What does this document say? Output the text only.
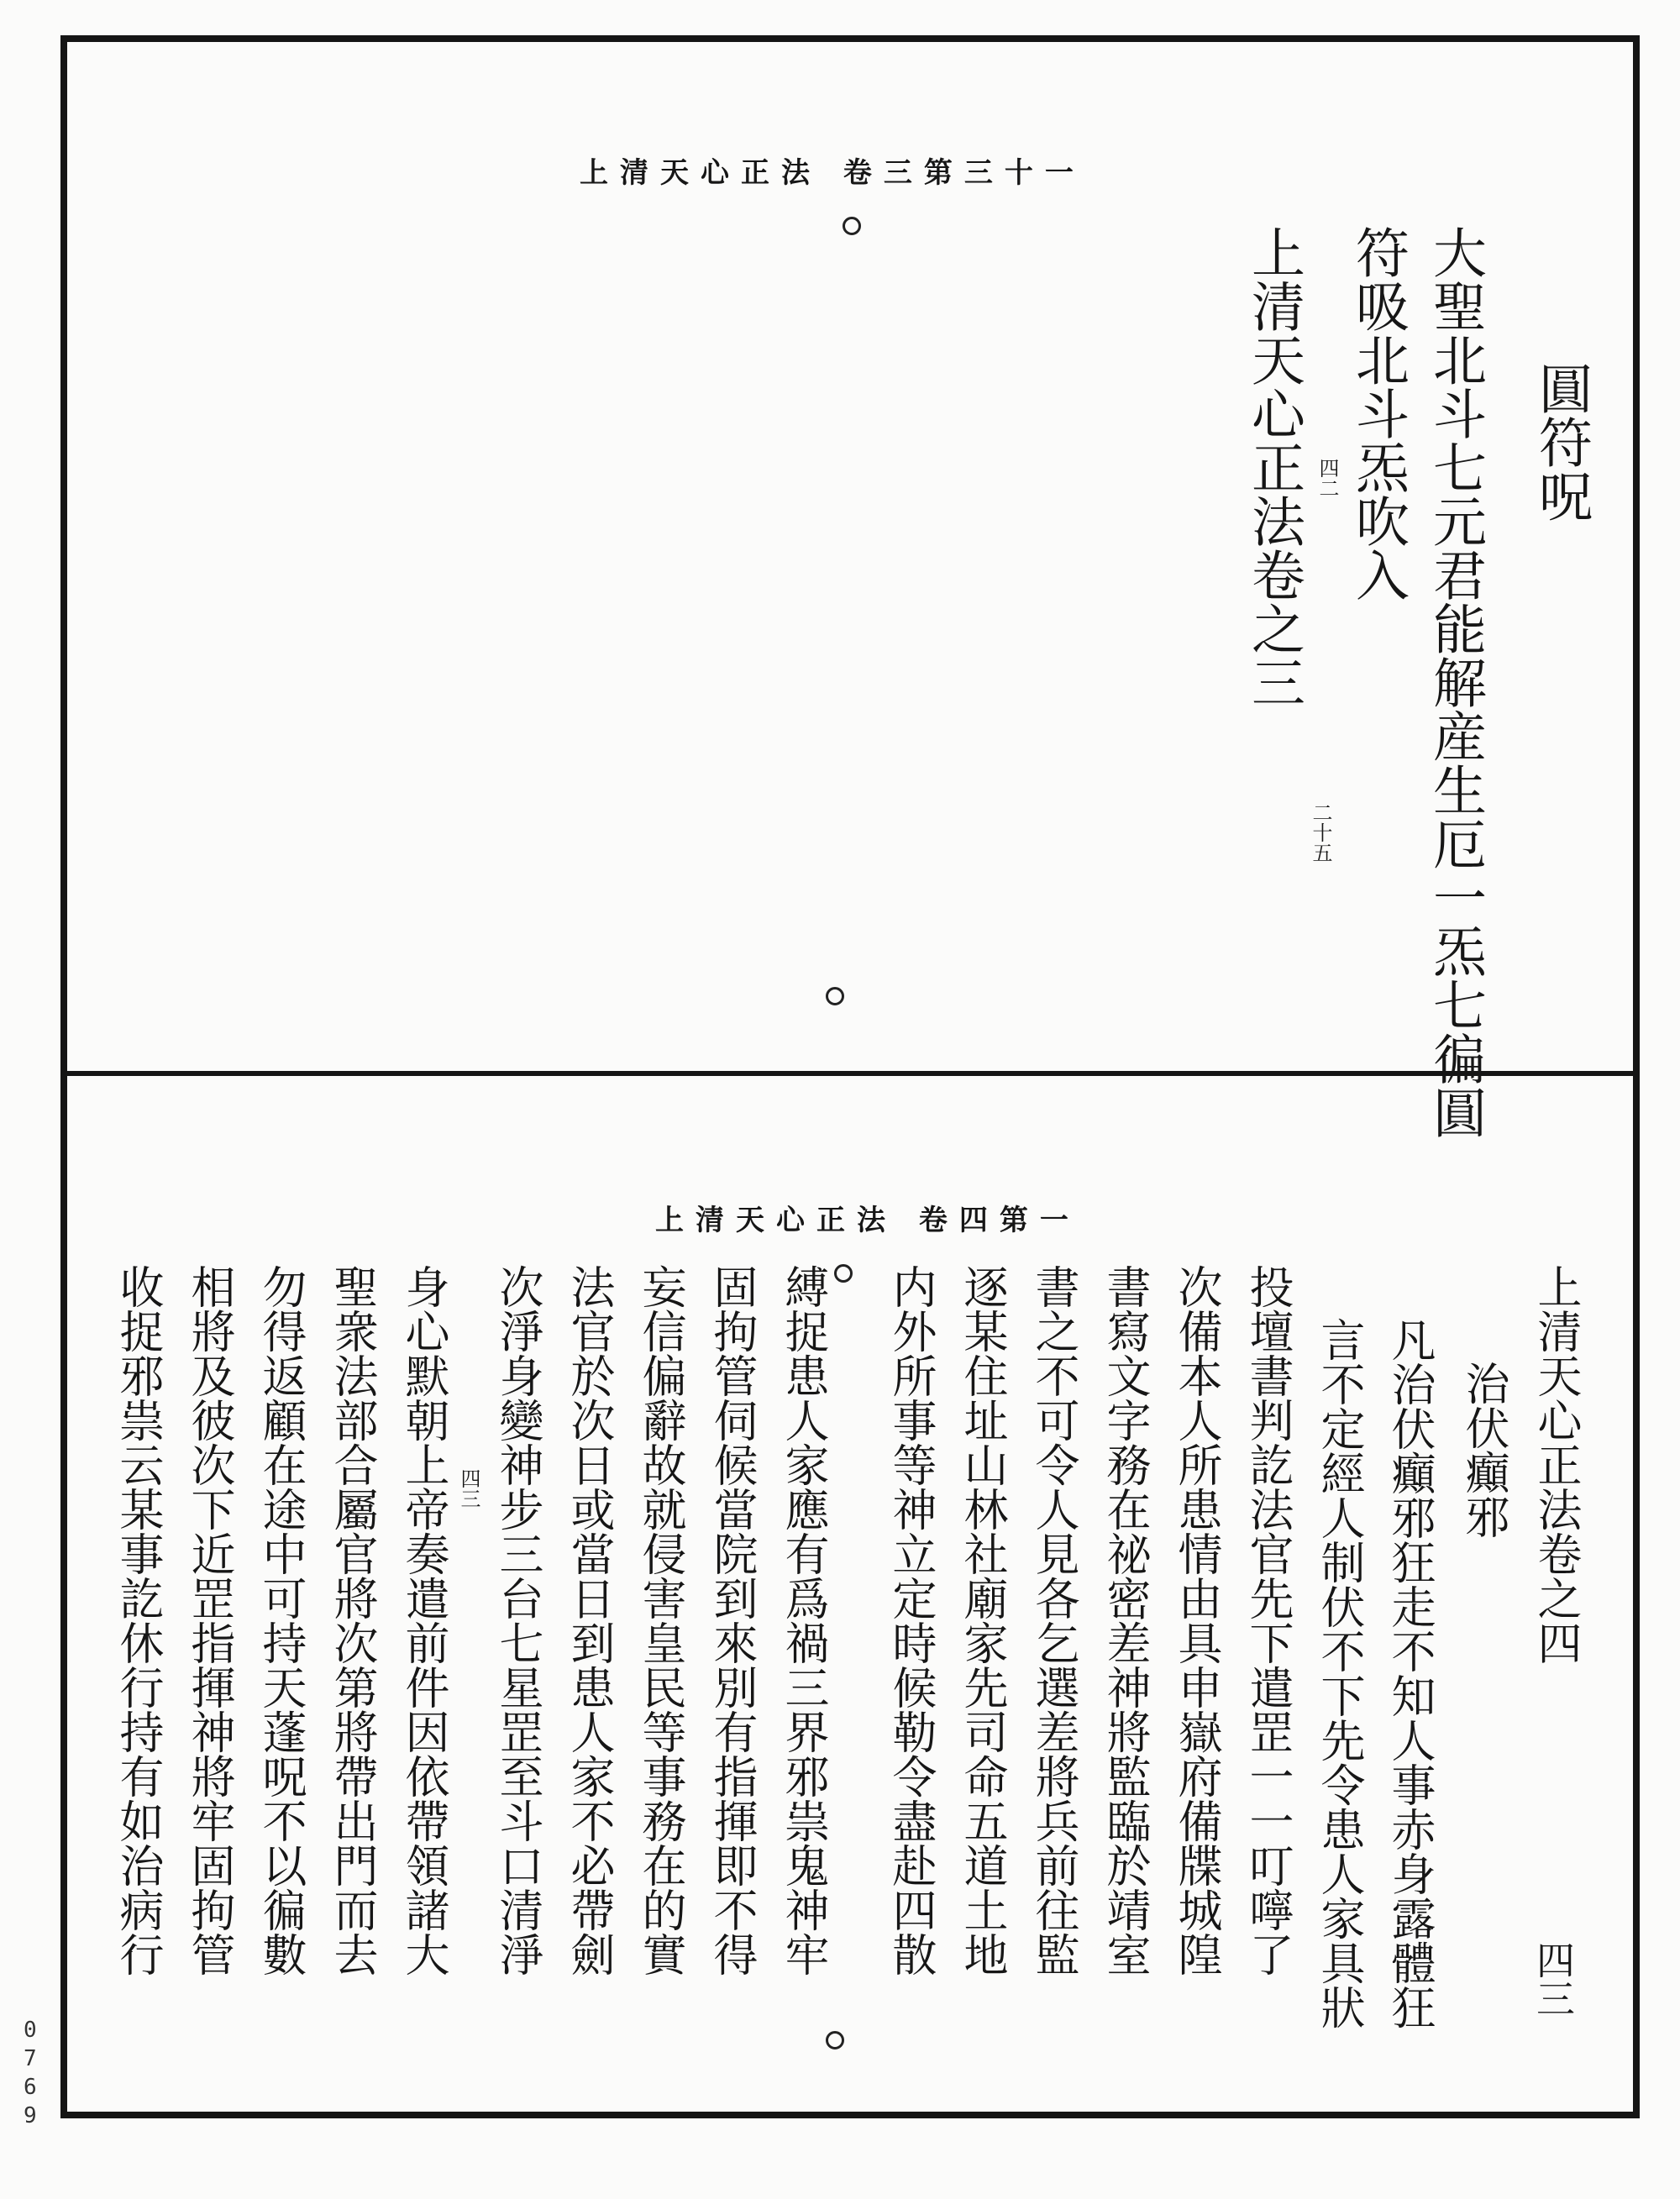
上清天心正法 卷三第三十一
圓符呪
大聖北斗七元君能解産生厄一炁七徧圓
符吸北斗炁吹入
上清天心正法卷之三
二十五
四二
上清天心正法 卷四第一
上清天心正法卷之四
治伏癲邪
凡治伏癲邪狂走不知人事赤身露體狂
言不定經人制伏不下先令患人家具狀
投壇書判訖法官先下遣罡一一叮嚀了
次備本人所患情由具申嶽府備牒城隍
書寫文字務在祕密差神將監臨於靖室
書之不可令人見各乞選差將兵前往監
逐某住址山林社廟家先司命五道土地
内外所事等神立定時候勒令盡赴四散
縛捉患人家應有爲禍三界邪祟鬼神牢
固拘管伺候當院到來別有指揮即不得
妄信偏辭故就侵害皇民等事務在的實
法官於次日或當日到患人家不必帶劍
次淨身變神步三台七星罡至斗口清淨
身心默朝上帝奏遣前件因依帶領諸大
聖衆法部合屬官將次第將帶出門而去
勿得返顧在途中可持天蓬呪不以徧數
相將及彼次下近罡指揮神將牢固拘管
收捉邪祟云某事訖休行持有如治病行
四三
四三
0769
